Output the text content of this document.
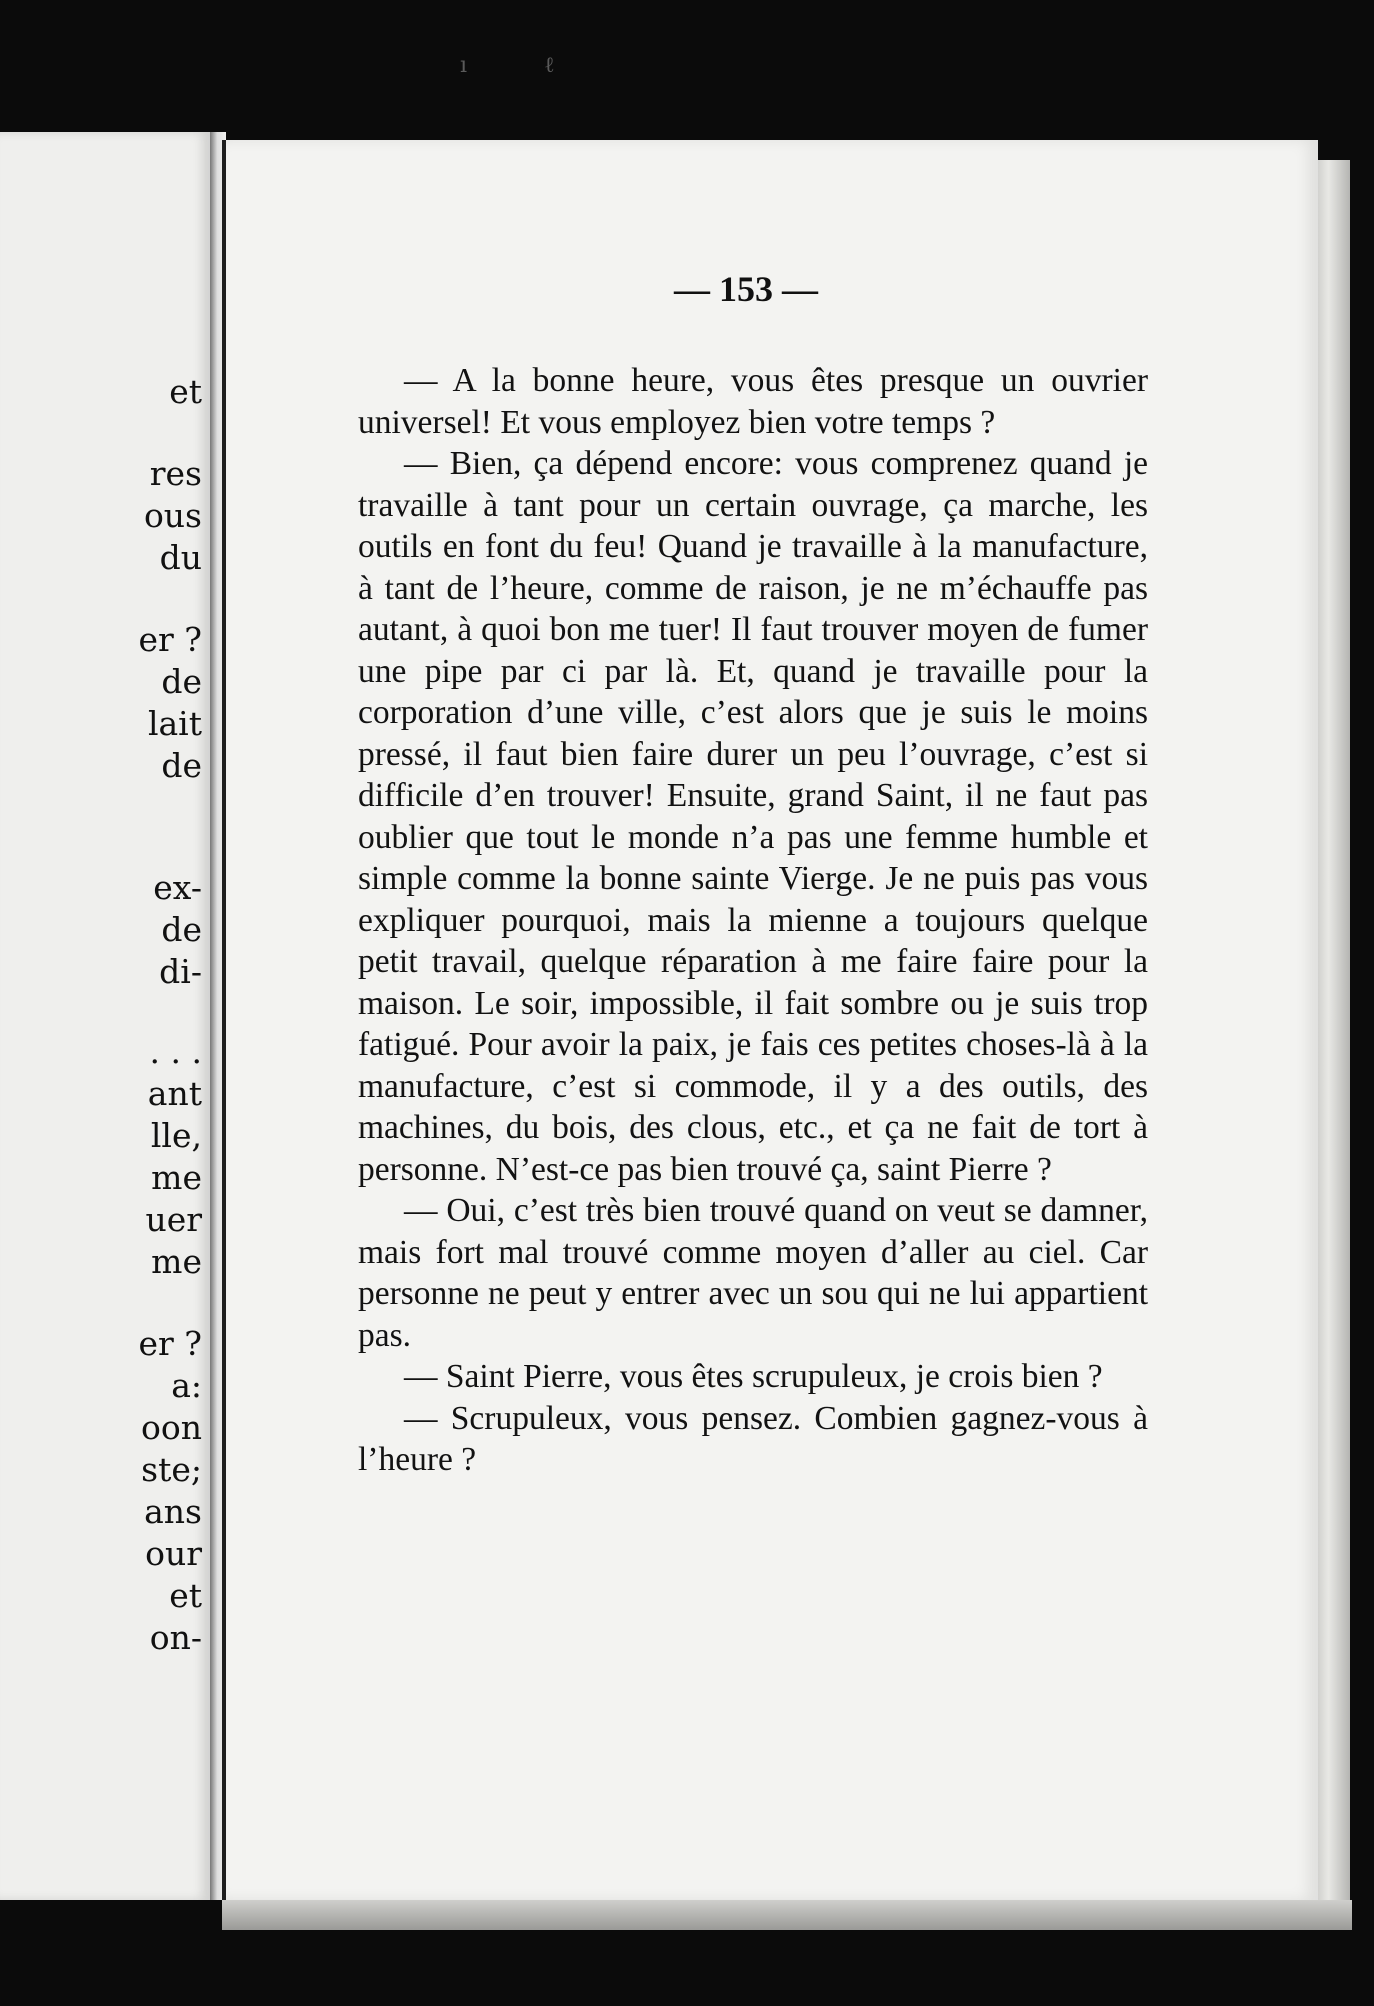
ı           ℓ
et
res
ous
du
er ?
de
lait
de
ex-
de
di-
. . .
ant
lle,
me
uer
me
er ?
a:
oon
ste;
ans
our
et
on-
— 153 —

— A la bonne heure, vous êtes presque un ouvrier universel! Et vous employez bien votre temps ?

— Bien, ça dépend encore: vous comprenez quand je travaille à tant pour un certain ouvrage, ça marche, les outils en font du feu! Quand je travaille à la manufacture, à tant de l’heure, comme de raison, je ne m’échauffe pas autant, à quoi bon me tuer! Il faut trouver moyen de fumer une pipe par ci par là. Et, quand je travaille pour la corporation d’une ville, c’est alors que je suis le moins pressé, il faut bien faire durer un peu l’ouvrage, c’est si difficile d’en trouver! Ensuite, grand Saint, il ne faut pas oublier que tout le monde n’a pas une femme humble et simple comme la bonne sainte Vierge. Je ne puis pas vous expliquer pourquoi, mais la mienne a toujours quelque petit travail, quelque réparation à me faire faire pour la maison. Le soir, impossible, il fait sombre ou je suis trop fatigué. Pour avoir la paix, je fais ces petites choses-là à la manufacture, c’est si commode, il y a des outils, des machines, du bois, des clous, etc., et ça ne fait de tort à personne. N’est-ce pas bien trouvé ça, saint Pierre ?

— Oui, c’est très bien trouvé quand on veut se damner, mais fort mal trouvé comme moyen d’aller au ciel. Car personne ne peut y entrer avec un sou qui ne lui appartient pas.

— Saint Pierre, vous êtes scrupuleux, je crois bien ?

— Scrupuleux, vous pensez. Combien gagnez-vous à l’heure ?
